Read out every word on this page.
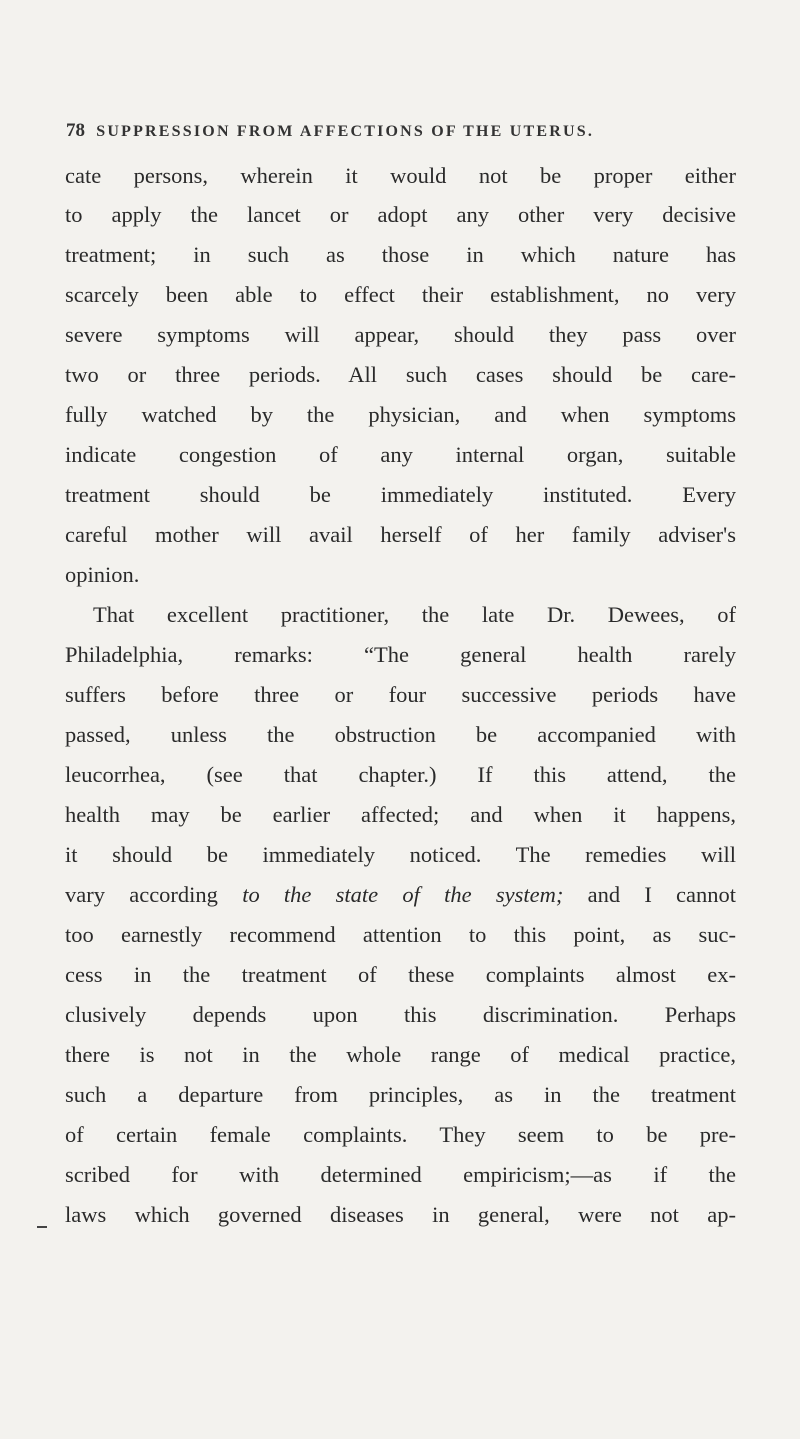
78 SUPPRESSION FROM AFFECTIONS OF THE UTERUS.
cate persons, wherein it would not be proper either
to apply the lancet or adopt any other very decisive
treatment; in such as those in which nature has
scarcely been able to effect their establishment, no very
severe symptoms will appear, should they pass over
two or three periods. All such cases should be care-
fully watched by the physician, and when symptoms
indicate congestion of any internal organ, suitable
treatment should be immediately instituted. Every
careful mother will avail herself of her family adviser's
opinion.
That excellent practitioner, the late Dr. Dewees, of
Philadelphia, remarks: “The general health rarely
suffers before three or four successive periods have
passed, unless the obstruction be accompanied with
leucorrhea, (see that chapter.) If this attend, the
health may be earlier affected; and when it happens,
it should be immediately noticed. The remedies will
vary according to the state of the system; and I cannot
too earnestly recommend attention to this point, as suc-
cess in the treatment of these complaints almost ex-
clusively depends upon this discrimination. Perhaps
there is not in the whole range of medical practice,
such a departure from principles, as in the treatment
of certain female complaints. They seem to be pre-
scribed for with determined empiricism;—as if the
laws which governed diseases in general, were not ap-
